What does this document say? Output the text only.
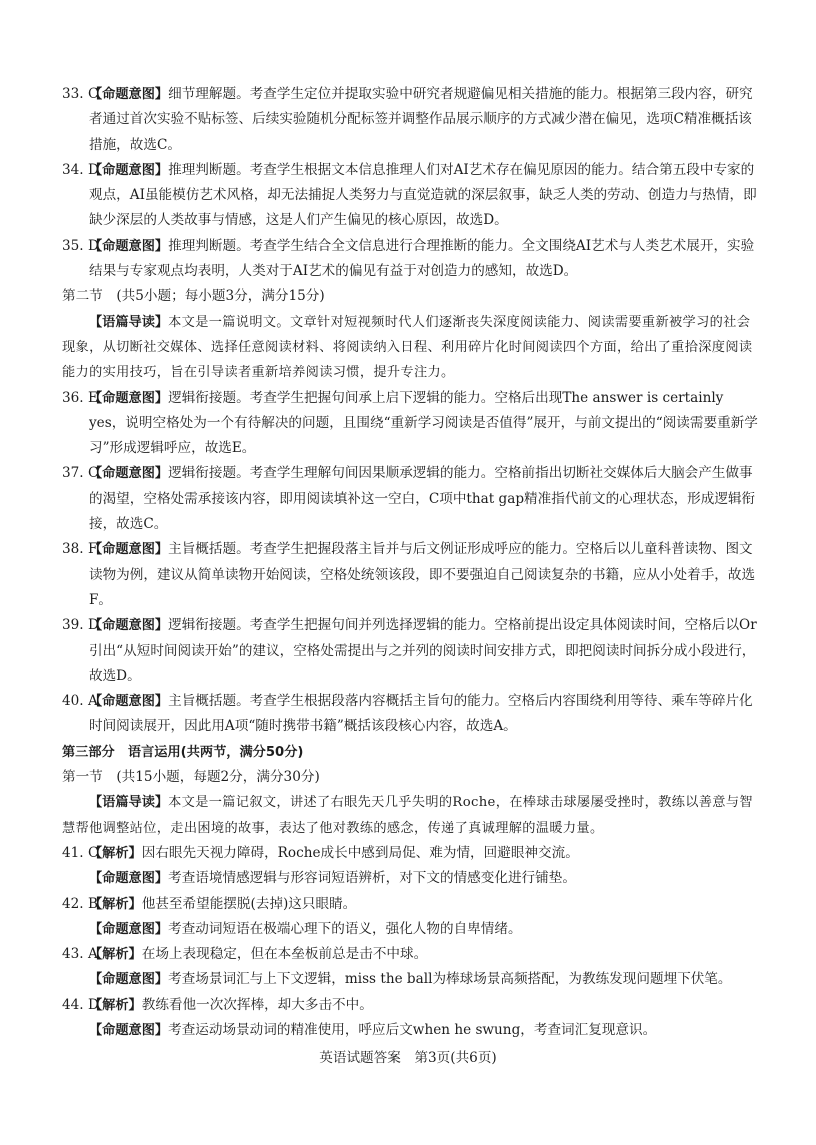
33. C
【命题意图】细节理解题。考查学生定位并提取实验中研究者规避偏见相关措施的能力。根据第三段内容，研究者通过首次实验不贴标签、后续实验随机分配标签并调整作品展示顺序的方式减少潜在偏见，选项C精准概括该措施，故选C。
34. D
【命题意图】推理判断题。考查学生根据文本信息推理人们对AI艺术存在偏见原因的能力。结合第五段中专家的观点，AI虽能模仿艺术风格，却无法捕捉人类努力与直觉造就的深层叙事，缺乏人类的劳动、创造力与热情，即缺少深层的人类故事与情感，这是人们产生偏见的核心原因，故选D。
35. D
【命题意图】推理判断题。考查学生结合全文信息进行合理推断的能力。全文围绕AI艺术与人类艺术展开，实验结果与专家观点均表明，人类对于AI艺术的偏见有益于对创造力的感知，故选D。
第二节　(共5小题；每小题3分，满分15分)
【语篇导读】本文是一篇说明文。文章针对短视频时代人们逐渐丧失深度阅读能力、阅读需要重新被学习的社会现象，从切断社交媒体、选择任意阅读材料、将阅读纳入日程、利用碎片化时间阅读四个方面，给出了重拾深度阅读能力的实用技巧，旨在引导读者重新培养阅读习惯，提升专注力。
36. E
【命题意图】逻辑衔接题。考查学生把握句间承上启下逻辑的能力。空格后出现The answer is certainly yes，说明空格处为一个有待解决的问题，且围绕“重新学习阅读是否值得”展开，与前文提出的“阅读需要重新学习”形成逻辑呼应，故选E。
37. C
【命题意图】逻辑衔接题。考查学生理解句间因果顺承逻辑的能力。空格前指出切断社交媒体后大脑会产生做事的渴望，空格处需承接该内容，即用阅读填补这一空白，C项中that gap精准指代前文的心理状态，形成逻辑衔接，故选C。
38. F
【命题意图】主旨概括题。考查学生把握段落主旨并与后文例证形成呼应的能力。空格后以儿童科普读物、图文读物为例，建议从简单读物开始阅读，空格处统领该段，即不要强迫自己阅读复杂的书籍，应从小处着手，故选F。
39. D
【命题意图】逻辑衔接题。考查学生把握句间并列选择逻辑的能力。空格前提出设定具体阅读时间，空格后以Or引出“从短时间阅读开始”的建议，空格处需提出与之并列的阅读时间安排方式，即把阅读时间拆分成小段进行，故选D。
40. A
【命题意图】主旨概括题。考查学生根据段落内容概括主旨句的能力。空格后内容围绕利用等待、乘车等碎片化时间阅读展开，因此用A项“随时携带书籍”概括该段核心内容，故选A。
第三部分　语言运用(共两节，满分50分)
第一节　(共15小题，每题2分，满分30分)
【语篇导读】本文是一篇记叙文，讲述了右眼先天几乎失明的Roche，在棒球击球屡屡受挫时，教练以善意与智慧帮他调整站位，走出困境的故事，表达了他对教练的感念，传递了真诚理解的温暖力量。
41. C
【解析】因右眼先天视力障碍，Roche成长中感到局促、难为情，回避眼神交流。
【命题意图】考查语境情感逻辑与形容词短语辨析，对下文的情感变化进行铺垫。
42. B
【解析】他甚至希望能摆脱(去掉)这只眼睛。
【命题意图】考查动词短语在极端心理下的语义，强化人物的自卑情绪。
43. A
【解析】在场上表现稳定，但在本垒板前总是击不中球。
【命题意图】考查场景词汇与上下文逻辑，miss the ball为棒球场景高频搭配，为教练发现问题埋下伏笔。
44. D
【解析】教练看他一次次挥棒，却大多击不中。
【命题意图】考查运动场景动词的精准使用，呼应后文when he swung，考查词汇复现意识。
英语试题答案　第3页(共6页)
